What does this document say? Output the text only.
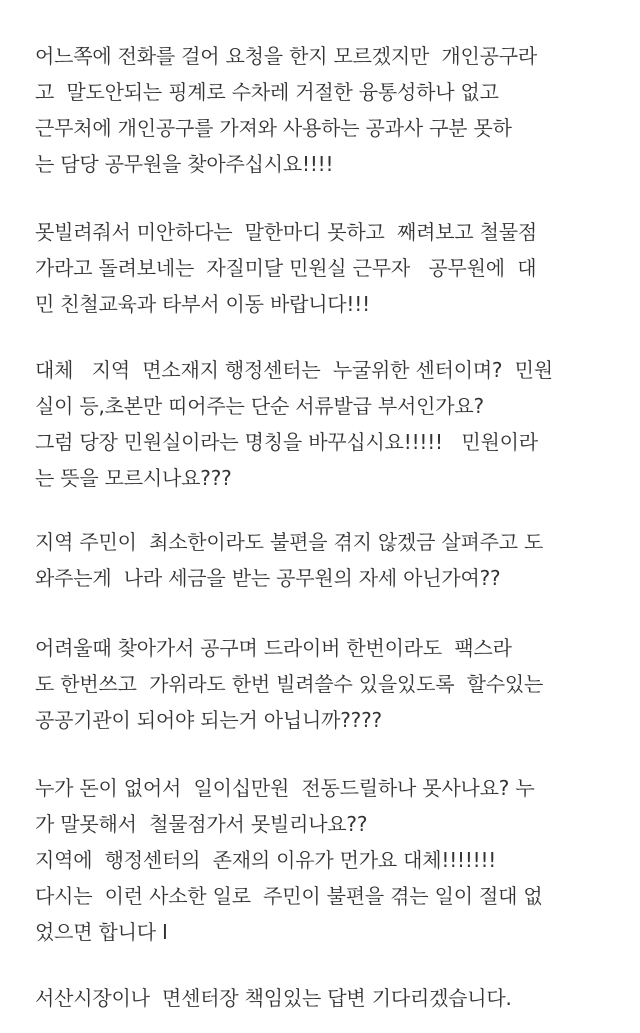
어느쪽에 전화를 걸어 요청을 한지 모르겠지만  개인공구라
고  말도안되는 핑계로 수차레 거절한 융통성하나 없고
근무처에 개인공구를 가져와 사용하는 공과사 구분 못하
는 담당 공무원을 찾아주십시요!!!!
못빌려줘서 미안하다는  말한마디 못하고  째려보고 철물점
가라고 돌려보네는  자질미달 민원실 근무자   공무원에  대
민 친철교육과 타부서 이동 바랍니다!!!
대체   지역  면소재지 행정센터는  누굴위한 센터이며?  민원
실이 등,초본만 띠어주는 단순 서류발급 부서인가요?
그럼 당장 민원실이라는 명칭을 바꾸십시요!!!!!   민원이라
는 뜻을 모르시나요???
지역 주민이  최소한이라도 불편을 겪지 않겠금 살펴주고 도
와주는게  나라 세금을 받는 공무원의 자세 아닌가여??
어려울때 찾아가서 공구며 드라이버 한번이라도  팩스라
도 한번쓰고  가위라도 한번 빌려쓸수 있을있도록  할수있는
공공기관이 되어야 되는거 아닙니까????
누가 돈이 없어서  일이십만원  전동드릴하나 못사나요? 누
가 말못해서  철물점가서 못빌리나요??
지역에  행정센터의  존재의 이유가 먼가요 대체!!!!!!!
다시는  이런 사소한 일로  주민이 불편을 겪는 일이 절대 없
었으면 합니다 I
서산시장이나  면센터장 책임있는 답변 기다리겠습니다.
